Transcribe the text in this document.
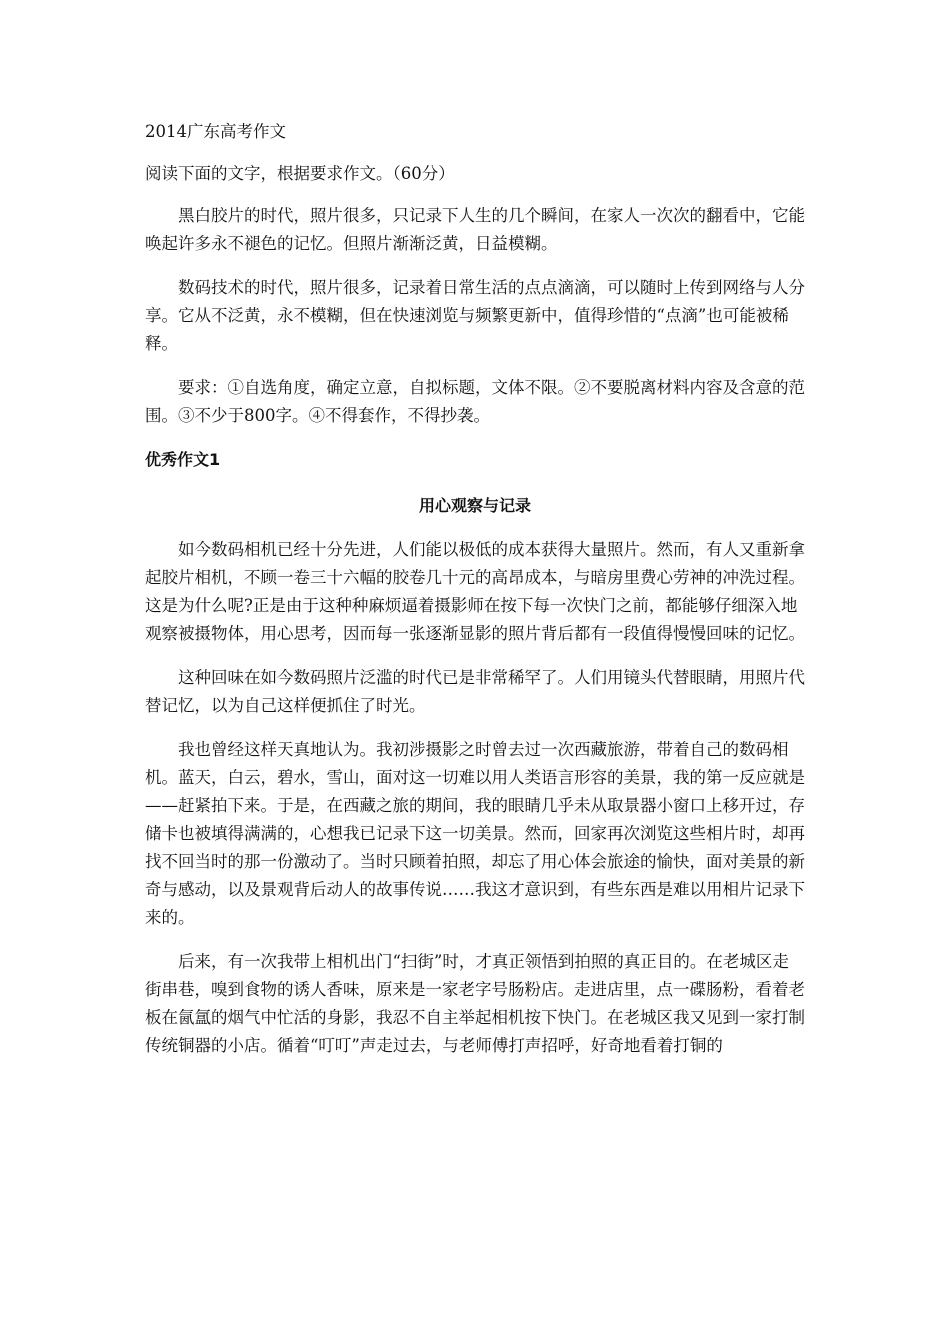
2014广东高考作文

阅读下面的文字，根据要求作文。（60分）

黑白胶片的时代，照片很多，只记录下人生的几个瞬间，在家人一次次的翻看中，它能唤起许多永不褪色的记忆。但照片渐渐泛黄，日益模糊。

数码技术的时代，照片很多，记录着日常生活的点点滴滴，可以随时上传到网络与人分享。它从不泛黄，永不模糊，但在快速浏览与频繁更新中，值得珍惜的“点滴”也可能被稀释。

要求：①自选角度，确定立意，自拟标题，文体不限。②不要脱离材料内容及含意的范围。③不少于800字。④不得套作，不得抄袭。

优秀作文1

用心观察与记录

如今数码相机已经十分先进，人们能以极低的成本获得大量照片。然而，有人又重新拿起胶片相机，不顾一卷三十六幅的胶卷几十元的高昂成本，与暗房里费心劳神的冲洗过程。这是为什么呢?正是由于这种种麻烦逼着摄影师在按下每一次快门之前，都能够仔细深入地观察被摄物体，用心思考，因而每一张逐渐显影的照片背后都有一段值得慢慢回味的记忆。

这种回味在如今数码照片泛滥的时代已是非常稀罕了。人们用镜头代替眼睛，用照片代替记忆，以为自己这样便抓住了时光。

我也曾经这样天真地认为。我初涉摄影之时曾去过一次西藏旅游，带着自己的数码相机。蓝天，白云，碧水，雪山，面对这一切难以用人类语言形容的美景，我的第一反应就是——赶紧拍下来。于是，在西藏之旅的期间，我的眼睛几乎未从取景器小窗口上移开过，存储卡也被填得满满的，心想我已记录下这一切美景。然而，回家再次浏览这些相片时，却再找不回当时的那一份激动了。当时只顾着拍照，却忘了用心体会旅途的愉快，面对美景的新奇与感动，以及景观背后动人的故事传说……我这才意识到，有些东西是难以用相片记录下来的。

后来，有一次我带上相机出门“扫街”时，才真正领悟到拍照的真正目的。在老城区走街串巷，嗅到食物的诱人香味，原来是一家老字号肠粉店。走进店里，点一碟肠粉，看着老板在氤氲的烟气中忙活的身影，我忍不自主举起相机按下快门。在老城区我又见到一家打制传统铜器的小店。循着“叮叮”声走过去，与老师傅打声招呼，好奇地看着打铜的
